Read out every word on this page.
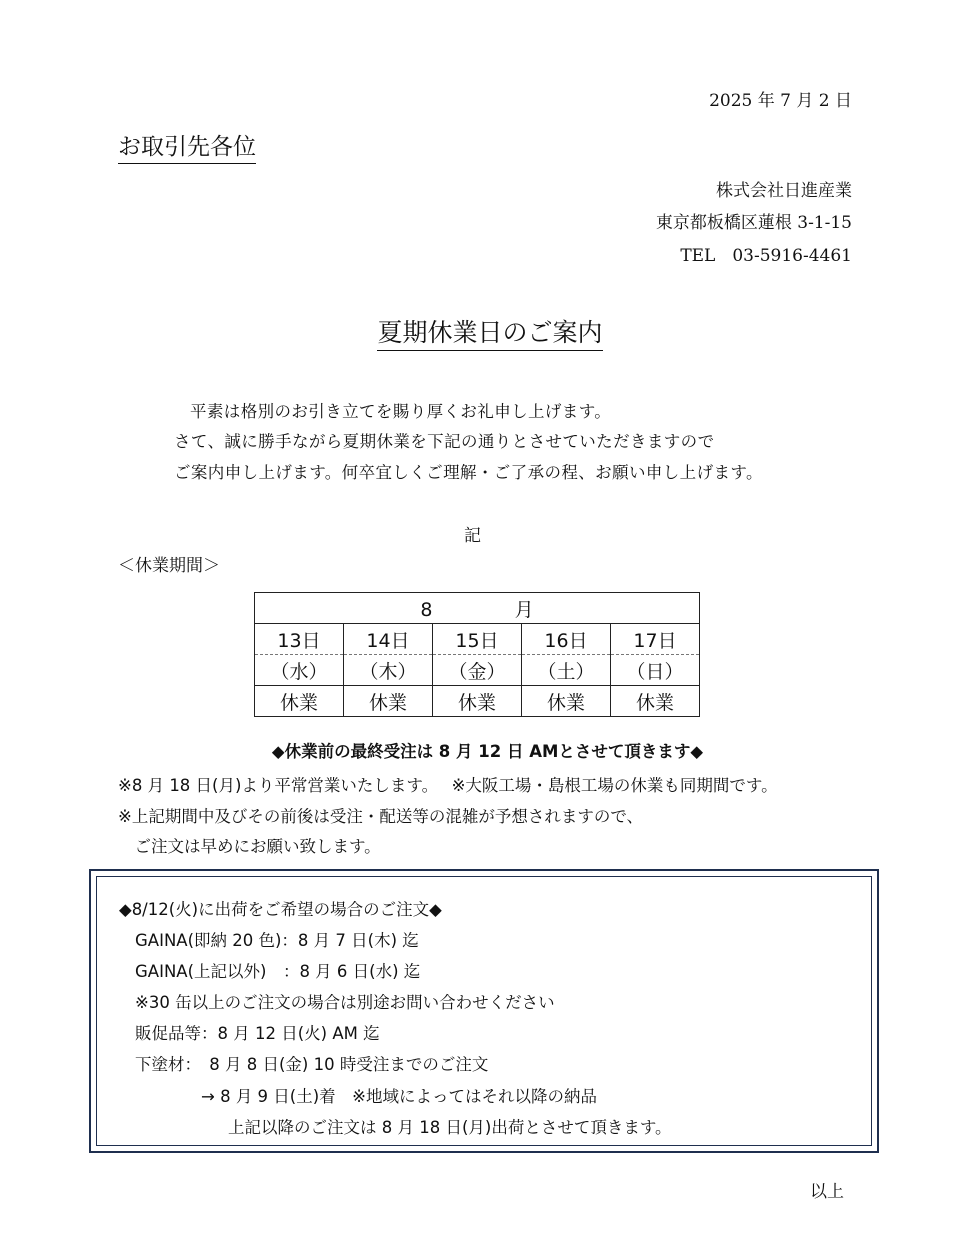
2025 年 7 月 2 日
お取引先各位
株式会社日進産業
東京都板橋区蓮根 3-1-15
TEL　03-5916-4461
夏期休業日のご案内
平素は格別のお引き立てを賜り厚くお礼申し上げます。
さて、誠に勝手ながら夏期休業を下記の通りとさせていただきますので
ご案内申し上げます。何卒宜しくご理解・ご了承の程、お願い申し上げます。
記
＜休業期間＞
8 月				
13日	14日	15日	16日	17日
（水）	（木）	（金）	（土）	（日）
休業	休業	休業	休業	休業
◆休業前の最終受注は 8 月 12 日 AMとさせて頂きます◆
※8 月 18 日(月)より平常営業いたします。　 ※大阪工場・島根工場の休業も同期間です。
※上記期間中及びその前後は受注・配送等の混雑が予想されますので、
　ご注文は早めにお願い致します。
◆8/12(火)に出荷をご希望の場合のご注文◆
GAINA(即納 20 色)：8 月 7 日(木) 迄
GAINA(上記以外)　：8 月 6 日(水) 迄
※30 缶以上のご注文の場合は別途お問い合わせください
販促品等：8 月 12 日(火) AM 迄
下塗材：　8 月 8 日(金) 10 時受注までのご注文
→ 8 月 9 日(土)着　※地域によってはそれ以降の納品
上記以降のご注文は 8 月 18 日(月)出荷とさせて頂きます。
以上
